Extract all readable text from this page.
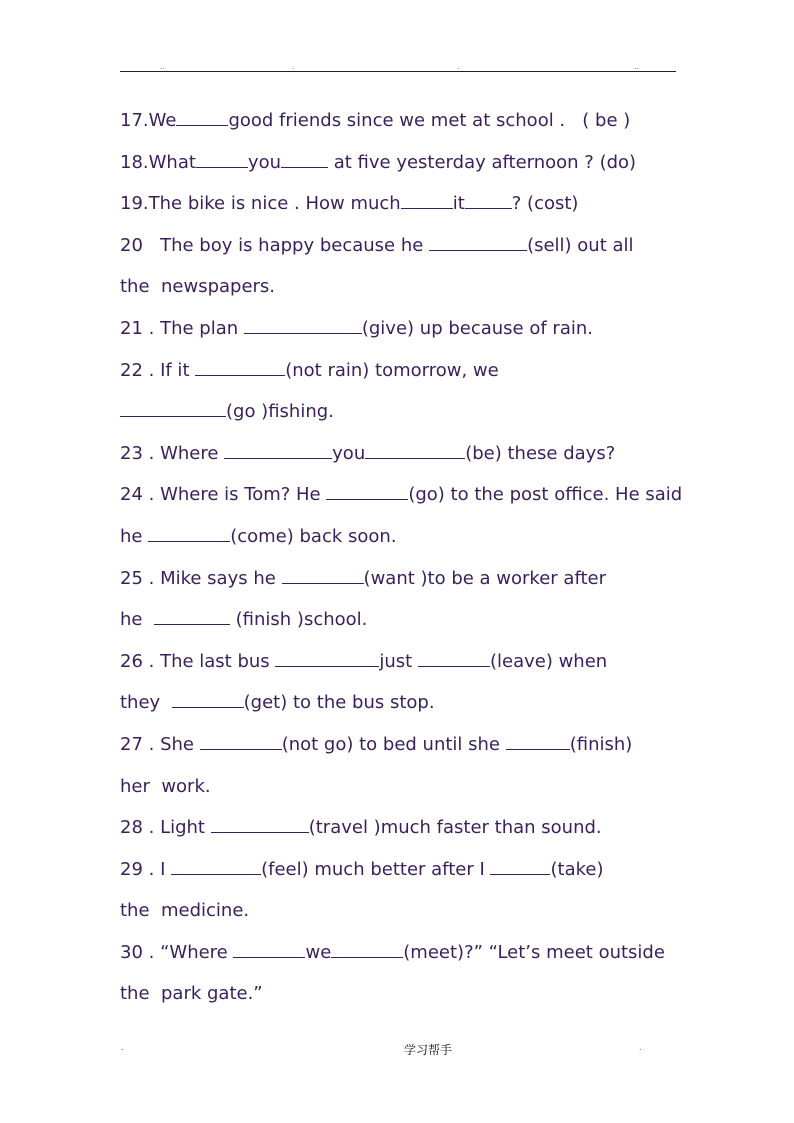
..	.	.	..
17.We	good friends since we met at school .   ( be )
18.What	you	at five yesterday afternoon ? (do)
19.The bike is nice . How much	it	? (cost)
20   The boy is happy because he	(sell) out all
the  newspapers.
21 . The plan	(give) up because of rain.
22 . If it	(not rain) tomorrow, we
(go )fishing.
23 . Where	you	(be) these days?
24 . Where is Tom? He	(go) to the post office. He said
he	(come) back soon.
25 . Mike says he	(want )to be a worker after
he	(finish )school.
26 . The last bus	just	(leave) when
they	(get) to the bus stop.
27 . She	(not go) to bed until she	(finish)
her  work.
28 . Light	(travel )much faster than sound.
29 . I	(feel) much better after I	(take)
the  medicine.
30 . “Where	we	(meet)?” “Let’s meet outside
the  park gate.”
.	学习帮手	.
